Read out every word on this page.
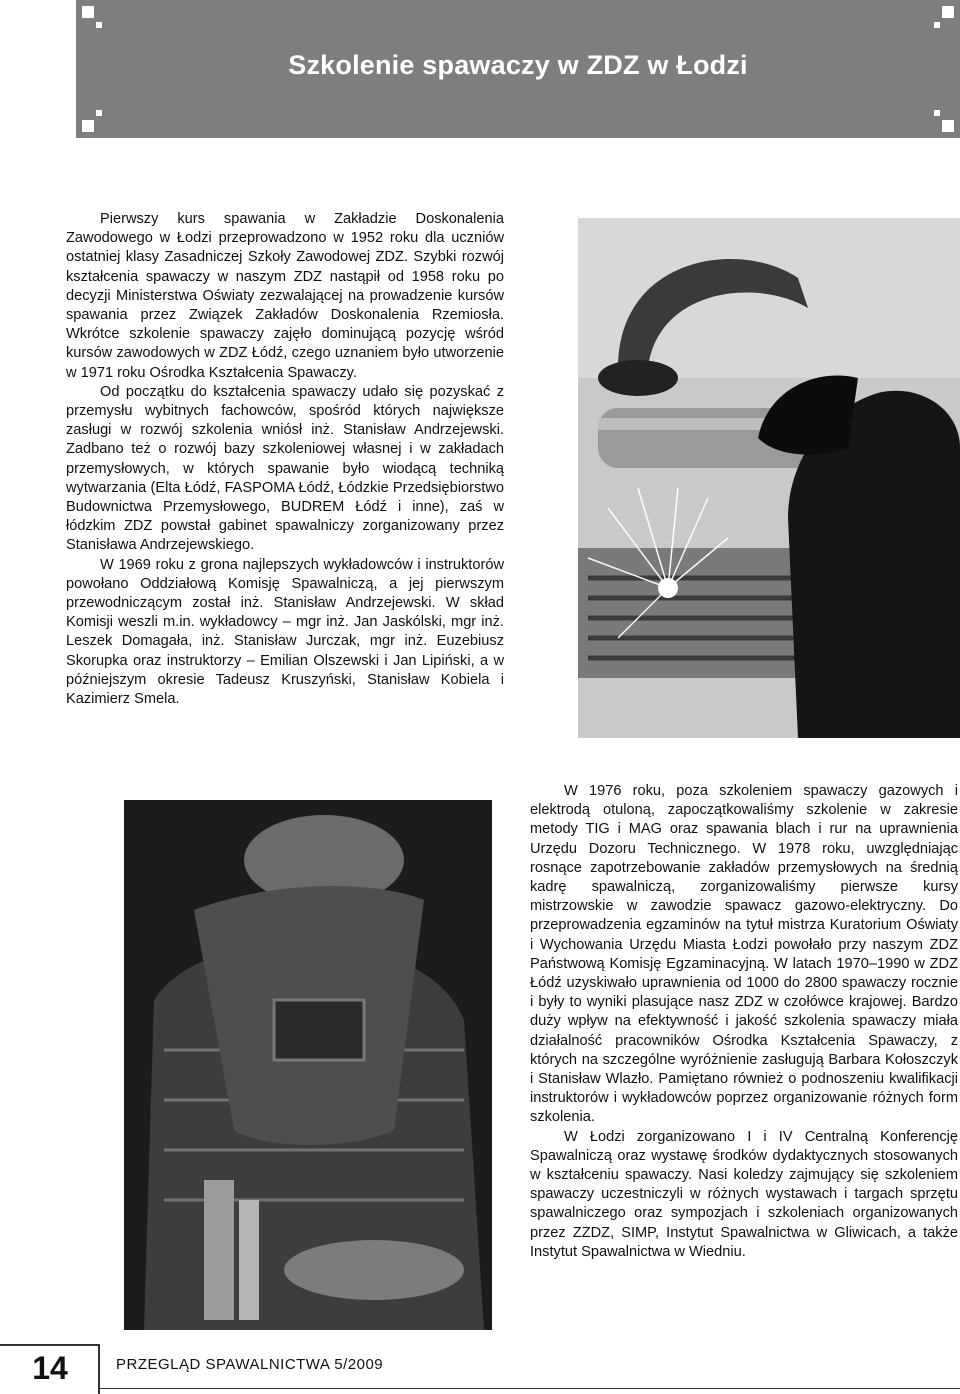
Szkolenie spawaczy w ZDZ w Łodzi

Pierwszy kurs spawania w Zakładzie Doskonalenia Zawodowego w Łodzi przeprowadzono w 1952 roku dla uczniów ostatniej klasy Zasadniczej Szkoły Zawodowej ZDZ. Szybki rozwój kształcenia spawaczy w naszym ZDZ nastąpił od 1958 roku po decyzji Ministerstwa Oświaty zezwalającej na prowadzenie kursów spawania przez Związek Zakładów Doskonalenia Rzemiosła. Wkrótce szkolenie spawaczy zajęło dominującą pozycję wśród kursów zawodowych w ZDZ Łódź, czego uznaniem było utworzenie w 1971 roku Ośrodka Kształcenia Spawaczy.

Od początku do kształcenia spawaczy udało się pozyskać z przemysłu wybitnych fachowców, spośród których największe zasługi w rozwój szkolenia wniósł inż. Stanisław Andrzejewski. Zadbano też o rozwój bazy szkoleniowej własnej i w zakładach przemysłowych, w których spawanie było wiodącą techniką wytwarzania (Elta Łódź, FASPOMA Łódź, Łódzkie Przedsiębiorstwo Budownictwa Przemysłowego, BUDREM Łódź i inne), zaś w łódzkim ZDZ powstał gabinet spawalniczy zorganizowany przez Stanisława Andrzejewskiego.

W 1969 roku z grona najlepszych wykładowców i instruktorów powołano Oddziałową Komisję Spawalniczą, a jej pierwszym przewodniczącym został inż. Stanisław Andrzejewski. W skład Komisji weszli m.in. wykładowcy – mgr inż. Jan Jaskólski, mgr inż. Leszek Domagała, inż. Stanisław Jurczak, mgr inż. Euzebiusz Skorupka oraz instruktorzy – Emilian Olszewski i Jan Lipiński, a w późniejszym okresie Tadeusz Kruszyński, Stanisław Kobiela i Kazimierz Smela.

W 1976 roku, poza szkoleniem spawaczy gazowych i elektrodą otuloną, zapoczątkowaliśmy szkolenie w zakresie metody TIG i MAG oraz spawania blach i rur na uprawnienia Urzędu Dozoru Technicznego. W 1978 roku, uwzględniając rosnące zapotrzebowanie zakładów przemysłowych na średnią kadrę spawalniczą, zorganizowaliśmy pierwsze kursy mistrzowskie w zawodzie spawacz gazowo-elektryczny. Do przeprowadzenia egzaminów na tytuł mistrza Kuratorium Oświaty i Wychowania Urzędu Miasta Łodzi powołało przy naszym ZDZ Państwową Komisję Egzaminacyjną. W latach 1970–1990 w ZDZ Łódź uzyskiwało uprawnienia od 1000 do 2800 spawaczy rocznie i były to wyniki plasujące nasz ZDZ w czołówce krajowej. Bardzo duży wpływ na efektywność i jakość szkolenia spawaczy miała działalność pracowników Ośrodka Kształcenia Spawaczy, z których na szczególne wyróżnienie zasługują Barbara Kołoszczyk i Stanisław Wlazło. Pamiętano również o podnoszeniu kwalifikacji instruktorów i wykładowców poprzez organizowanie różnych form szkolenia.

W Łodzi zorganizowano I i IV Centralną Konferencję Spawalniczą oraz wystawę środków dydaktycznych stosowanych w kształceniu spawaczy. Nasi koledzy zajmujący się szkoleniem spawaczy uczestniczyli w różnych wystawach i targach sprzętu spawalniczego oraz sympozjach i szkoleniach organizowanych przez ZZDZ, SIMP, Instytut Spawalnictwa w Gliwicach, a także Instytut Spawalnictwa w Wiedniu.

14	PRZEGLĄD SPAWALNICTWA 5/2009
